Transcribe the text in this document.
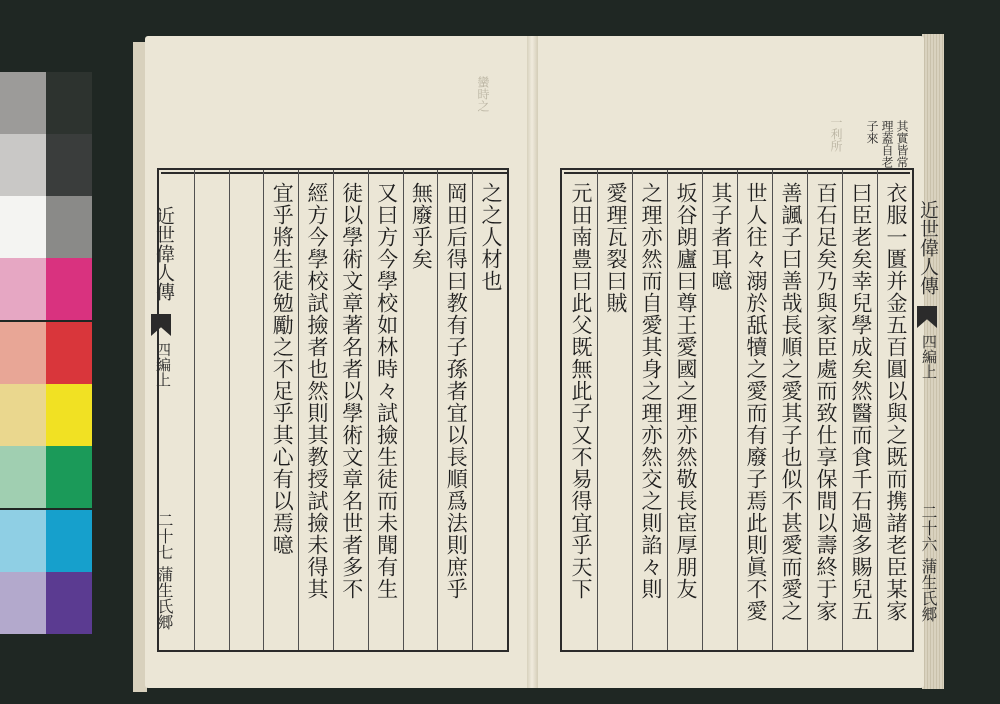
近世偉人傳
四編上
二十七
蒲生氏郷
蠻時之
其實皆常
理蓋自老
子來
一利所
之之人材也
岡田后得曰教有子孫者宜以長順爲法則庶乎
無廢乎矣
又曰方今學校如林時々試撿生徒而未聞有生
徒以學術文章著名者以學術文章名世者多不
經方今學校試撿者也然則其教授試撿未得其
宜乎將生徒勉勵之不足乎其心有以焉噫	衣服一匱并金五百圓以與之既而携諸老臣某家
曰臣老矣幸兒學成矣然醫而食千石過多賜兒五
百石足矣乃與家臣處而致仕享保間以壽終于家
善諷子曰善哉長順之愛其子也似不甚愛而愛之
世人往々溺於舐犢之愛而有廢子焉此則眞不愛
其子者耳噫
坂谷朗廬曰尊王愛國之理亦然敬長宦厚朋友
之理亦然而自愛其身之理亦然交之則諂々則
愛理瓦裂曰賊
元田南豊曰此父既無此子又不易得宜乎天下	近世偉人傳
四編上
二十六
蒲生氏郷
